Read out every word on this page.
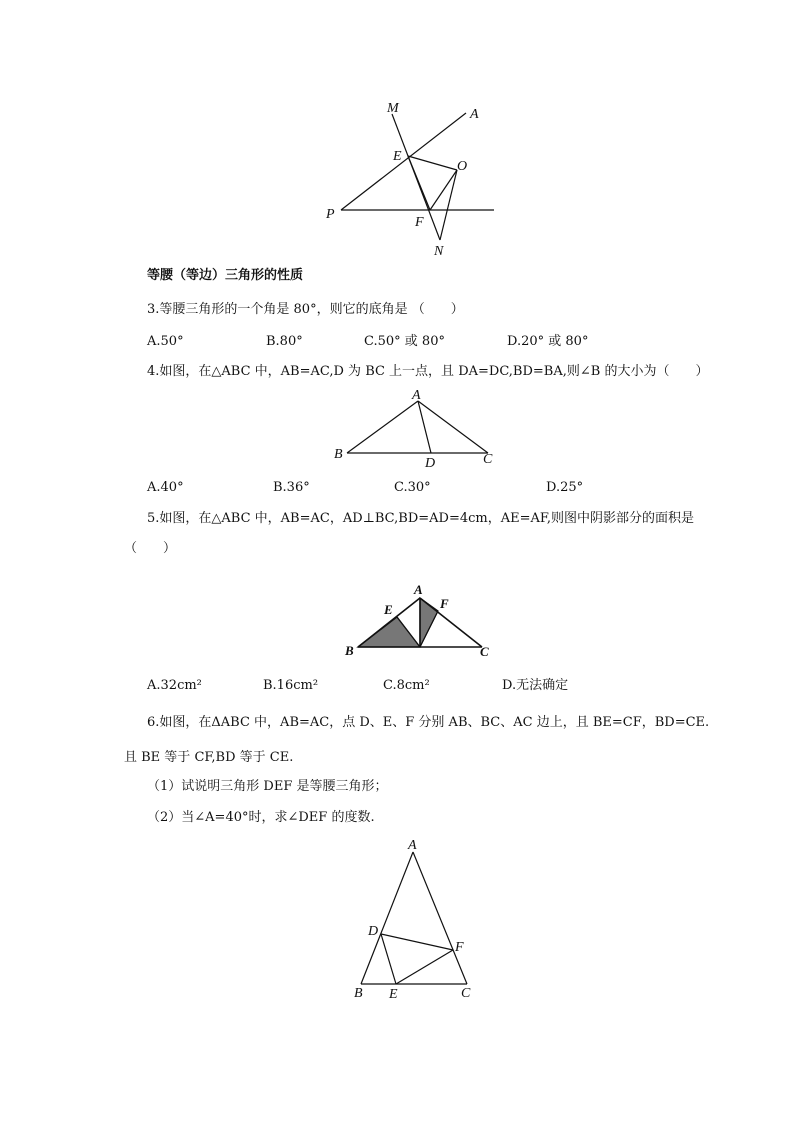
M	A
E
O
P
F
N
A
B	C
D
A
E	F
B	C
A
D
F
B E	C
等腰（等边）三角形的性质
3.等腰三角形的一个角是 80°，则它的底角是 （　　）
A.50°	B.80°	C.50° 或 80°	D.20° 或 80°
4.如图，在△ABC 中，AB=AC,D 为 BC 上一点，且 DA=DC,BD=BA,则∠B 的大小为（　　）
A.40°	B.36°	C.30°	D.25°
5.如图，在△ABC 中，AB=AC，AD⊥BC,BD=AD=4cm，AE=AF,则图中阴影部分的面积是
（　　）
A.32cm²	B.16cm²	C.8cm²	D.无法确定
6.如图，在ΔABC 中，AB=AC，点 D、E、F 分别 AB、BC、AC 边上，且 BE=CF，BD=CE.
且 BE 等于 CF,BD 等于 CE.
（1）试说明三角形 DEF 是等腰三角形；
（2）当∠A=40°时，求∠DEF 的度数.
